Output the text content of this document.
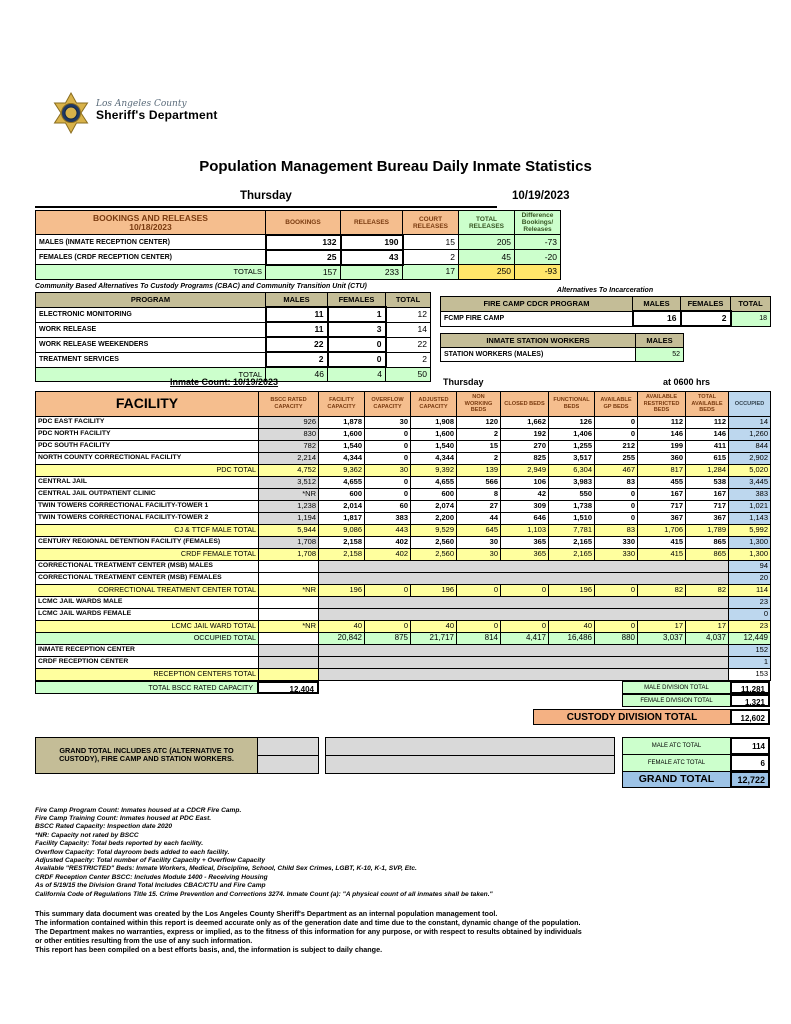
Los Angeles County
Sheriff's Department
Population Management Bureau Daily Inmate Statistics
Thursday	10/19/2023
BOOKINGS AND RELEASES
10/18/2023	BOOKINGS	RELEASES	COURT RELEASES	TOTAL RELEASES	Difference Bookings/ Releases
MALES (INMATE RECEPTION CENTER)	132	190	15	205	-73
FEMALES (CRDF RECEPTION CENTER)	25	43	2	45	-20
TOTALS	157	233	17	250	-93
Community Based Alternatives To Custody Programs (CBAC) and Community Transition Unit (CTU)
PROGRAM	MALES	FEMALES	TOTAL
ELECTRONIC MONITORING	11	1	12
WORK RELEASE	11	3	14
WORK RELEASE WEEKENDERS	22	0	22
TREATMENT SERVICES	2	0	2
TOTAL	46	4	50
Alternatives To Incarceration
FIRE CAMP CDCR PROGRAM	MALES	FEMALES	TOTAL
FCMP FIRE CAMP	16	2	18
INMATE STATION WORKERS	MALES
STATION WORKERS (MALES)	52
Inmate Count: 10/19/2023	Thursday	at 0600 hrs
FACILITY	BSCC RATED CAPACITY	FACILITY CAPACITY	OVERFLOW CAPACITY	ADJUSTED CAPACITY	NON WORKING BEDS	CLOSED BEDS	FUNCTIONAL BEDS	AVAILABLE GP BEDS	AVAILABLE RESTRICTED BEDS	TOTAL AVAILABLE BEDS	OCCUPIED
PDC EAST FACILITY	926	1,878	30	1,908	120	1,662	126	0	112	112	14
PDC NORTH FACILITY	830	1,600	0	1,600	2	192	1,406	0	146	146	1,260
PDC SOUTH FACILITY	782	1,540	0	1,540	15	270	1,255	212	199	411	844
NORTH COUNTY CORRECTIONAL FACILITY	2,214	4,344	0	4,344	2	825	3,517	255	360	615	2,902
PDC TOTAL	4,752	9,362	30	9,392	139	2,949	6,304	467	817	1,284	5,020
CENTRAL JAIL	3,512	4,655	0	4,655	566	106	3,983	83	455	538	3,445
CENTRAL JAIL OUTPATIENT CLINIC	*NR	600	0	600	8	42	550	0	167	167	383
TWIN TOWERS CORRECTIONAL FACILITY-TOWER 1	1,238	2,014	60	2,074	27	309	1,738	0	717	717	1,021
TWIN TOWERS CORRECTIONAL FACILITY-TOWER 2	1,194	1,817	383	2,200	44	646	1,510	0	367	367	1,143
CJ & TTCF MALE TOTAL	5,944	9,086	443	9,529	645	1,103	7,781	83	1,706	1,789	5,992
CENTURY REGIONAL DETENTION FACILITY (FEMALES)	1,708	2,158	402	2,560	30	365	2,165	330	415	865	1,300
CRDF FEMALE TOTAL	1,708	2,158	402	2,560	30	365	2,165	330	415	865	1,300
CORRECTIONAL TREATMENT CENTER (MSB) MALES											94
CORRECTIONAL TREATMENT CENTER (MSB) FEMALES											20
CORRECTIONAL TREATMENT CENTER TOTAL	*NR	196	0	196	0	0	196	0	82	82	114
LCMC JAIL WARDS MALE											23
LCMC JAIL WARDS FEMALE											0
LCMC JAIL WARD TOTAL	*NR	40	0	40	0	0	40	0	17	17	23
OCCUPIED TOTAL		20,842	875	21,717	814	4,417	16,486	880	3,037	4,037	12,449
INMATE RECEPTION CENTER											152
CRDF RECEPTION CENTER											1
RECEPTION CENTERS TOTAL											153
TOTAL BSCC RATED CAPACITY	12,404	MALE DIVISION TOTAL	11,281
FEMALE DIVISION TOTAL	1,321
CUSTODY DIVISION TOTAL	12,602
GRAND TOTAL INCLUDES ATC (ALTERNATIVE TO CUSTODY), FIRE CAMP AND STATION WORKERS.
MALE ATC TOTAL	114
FEMALE ATC TOTAL	6
GRAND TOTAL	12,722
Fire Camp Program Count: Inmates housed at a CDCR Fire Camp.
Fire Camp Training Count: Inmates housed at PDC East.
BSCC Rated Capacity: Inspection date 2020
*NR: Capacity not rated by BSCC
Facility Capacity: Total beds reported by each facility.
Overflow Capacity: Total dayroom beds added to each facility.
Adjusted Capacity: Total number of Facility Capacity + Overflow Capacity
Available "RESTRICTED" Beds: Inmate Workers, Medical, Discipline, School, Child Sex Crimes, LGBT, K-10, K-1, SVP, Etc.
CRDF Reception Center BSCC: Includes Module 1400 - Receiving Housing
As of 5/19/15 the Division Grand Total Includes CBAC/CTU and Fire Camp
California Code of Regulations Title 15. Crime Prevention and Corrections 3274. Inmate Count (a): "A physical count of all inmates shall be taken."
This summary data document was created by the Los Angeles County Sheriff's Department as an internal population management tool.
The information contained within this report is deemed accurate only as of the generation date and time due to the constant, dynamic change of the population.
The Department makes no warranties, express or implied, as to the fitness of this information for any purpose, or with respect to results obtained by individuals
or other entities resulting from the use of any such information.
This report has been compiled on a best efforts basis, and, the information is subject to daily change.
